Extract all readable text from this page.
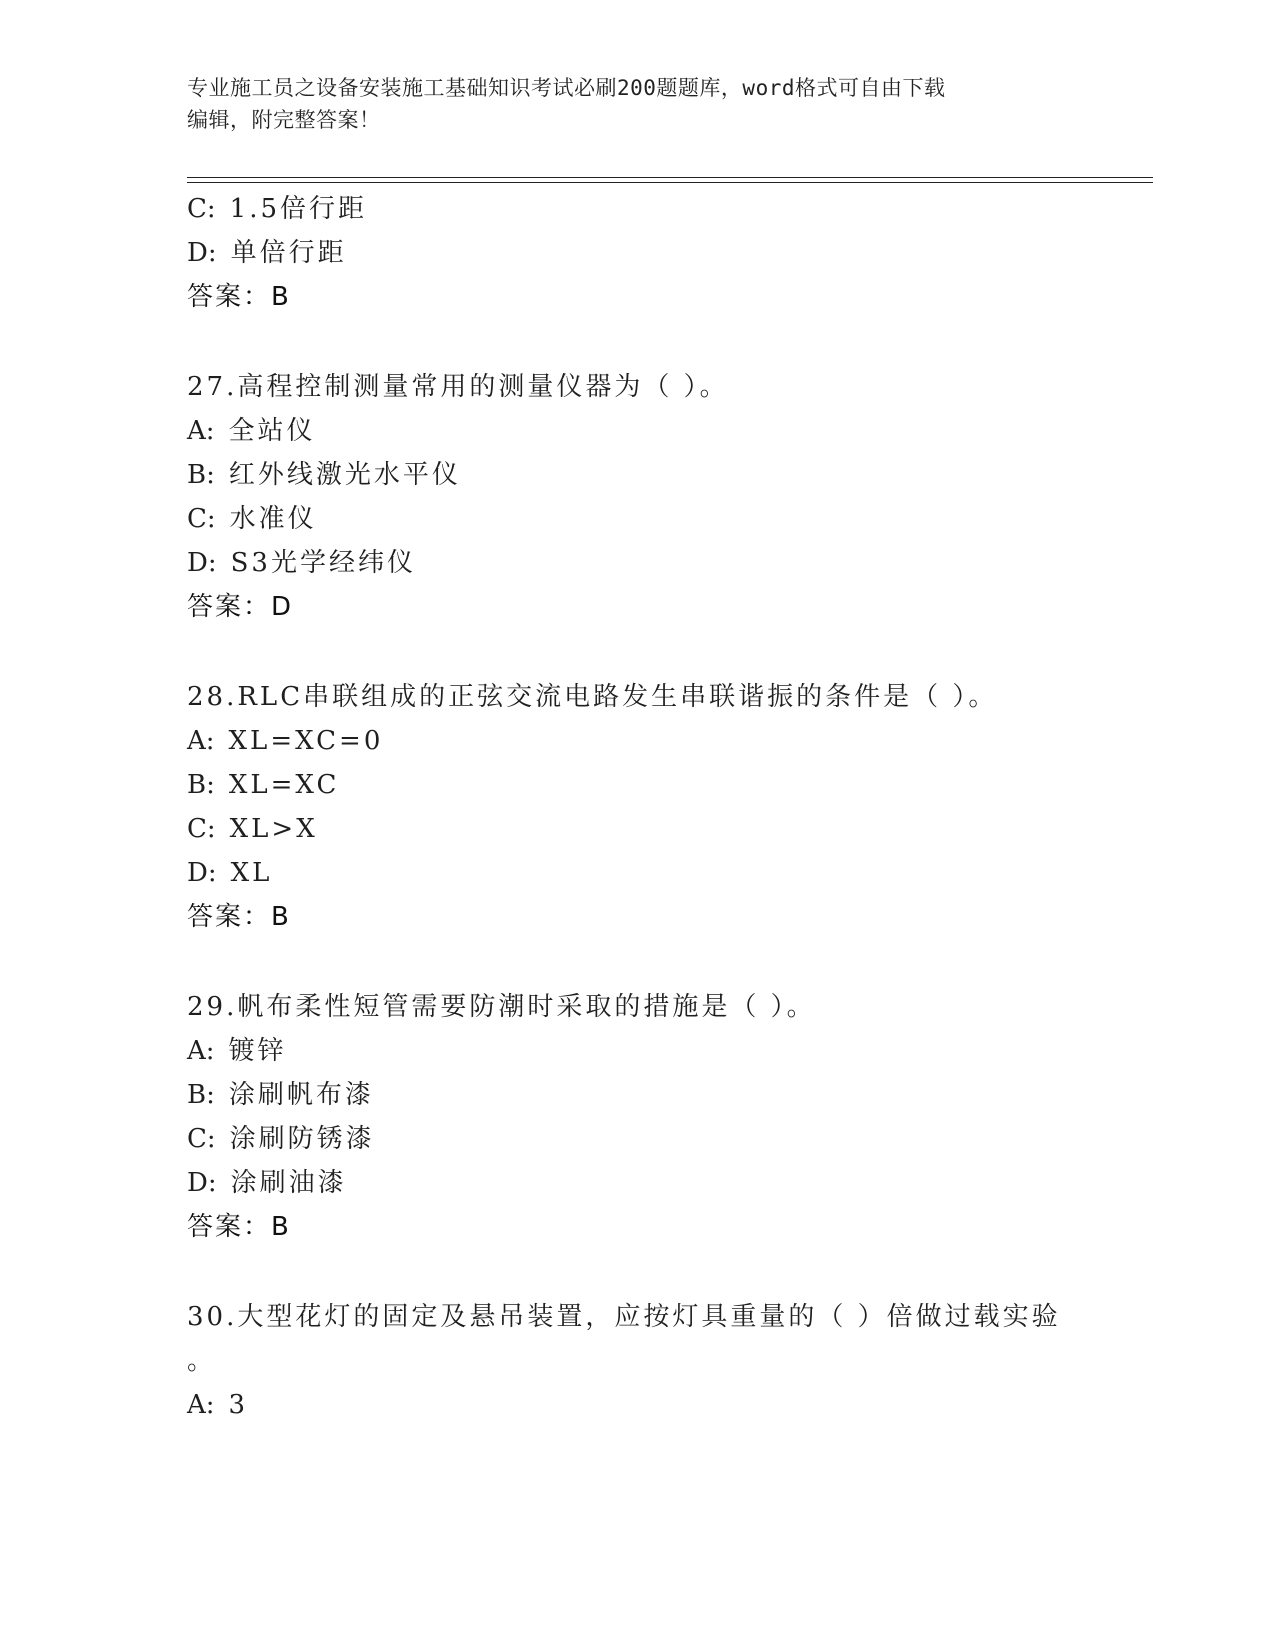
专业施工员之设备安装施工基础知识考试必刷200题题库，word格式可自由下载

编辑，附完整答案！

C: 1.5倍行距
D: 单倍行距
答案：B
27.高程控制测量常用的测量仪器为（ ）。
A: 全站仪
B: 红外线激光水平仪
C: 水准仪
D: S3光学经纬仪
答案：D
28.RLC串联组成的正弦交流电路发生串联谐振的条件是（ ）。
A: XL=XC=0
B: XL=XC
C: XL>X
D: XL
答案：B
29.帆布柔性短管需要防潮时采取的措施是（ ）。
A: 镀锌
B: 涂刷帆布漆
C: 涂刷防锈漆
D: 涂刷油漆
答案：B
30.大型花灯的固定及悬吊装置，应按灯具重量的（ ）倍做过载实验
。
A: 3
